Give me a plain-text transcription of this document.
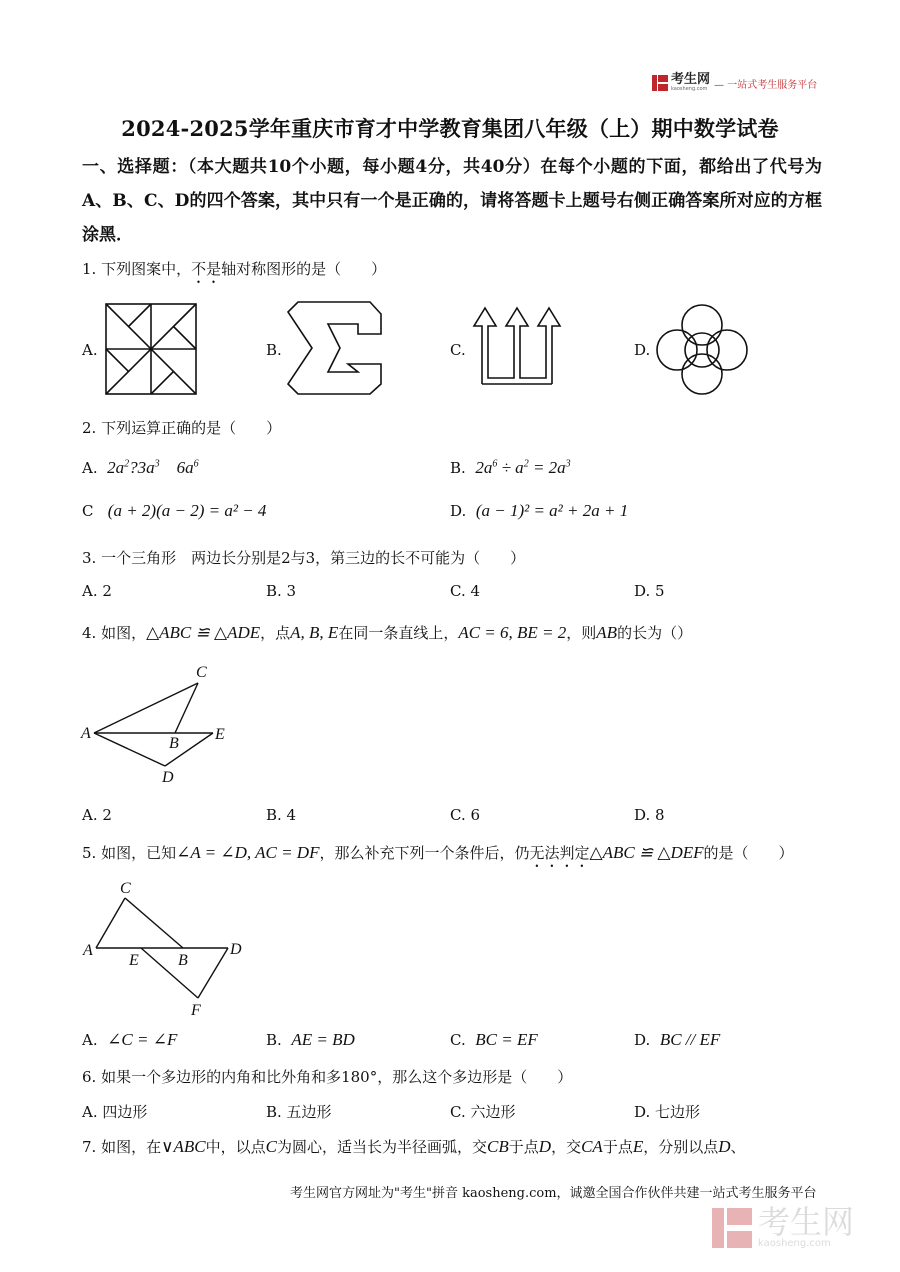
考生网
kaosheng.com — 一站式考生服务平台
2024-2025学年重庆市育才中学教育集团八年级（上）期中数学试卷
一、选择题：（本大题共10个小题，每小题4分，共40分）在每个小题的下面，都给出了代号为A、B、C、D的四个答案，其中只有一个是正确的，请将答题卡上题号右侧正确答案所对应的方框涂黑．
1. 下列图案中，不是轴对称图形的是（　　）
A.	B.	C.	D.
2. 下列运算正确的是（　　）
A. $2a^2?3a^3$ $6a^6$	B. $2a^6 \div a^2 = 2a^3$
C (a + 2)(a − 2) = a² − 4	D. (a − 1)² = a² + 2a + 1
3. 一个三角形　两边长分别是2与3，第三边的长不可能为（　　）
A. 2	B. 3	C. 4	D. 5
4. 如图，△ABC ≌ △ADE，点A, B, E在同一条直线上，AC = 6, BE = 2，则AB的长为（）
C
A
B
E
D
A. 2	B. 4	C. 6	D. 8
5. 如图，已知∠A = ∠D, AC = DF，那么补充下列一个条件后，仍无法判定△ABC ≌ △DEF的是（　　）
C
A
E B
D
F
A. ∠C = ∠F	B. AE = BD	C. BC = EF	D. BC // EF
6. 如果一个多边形的内角和比外角和多180°，那么这个多边形是（　　）
A. 四边形	B. 五边形	C. 六边形	D. 七边形
7. 如图，在∨ABC中，以点C为圆心，适当长为半径画弧，交CB于点D，交CA于点E，分别以点D、
考生网官方网址为"考生"拼音 kaosheng.com，诚邀全国合作伙伴共建一站式考生服务平台
考生网
kaosheng.com
